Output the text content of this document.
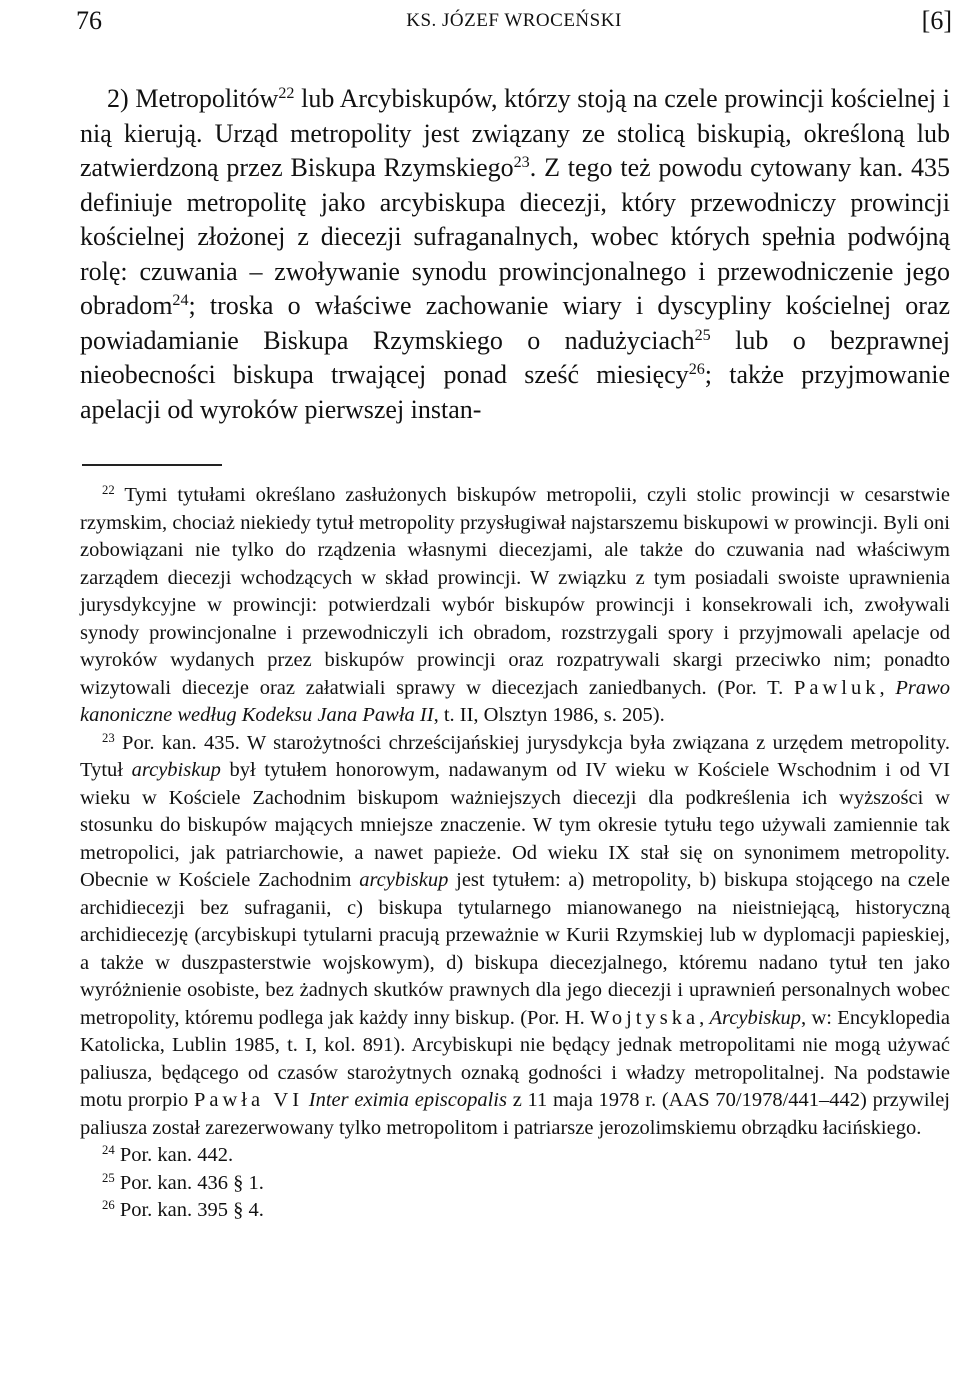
76	KS. JÓZEF WROCEŃSKI	[6]

2) Metropolitów$^{22}$ lub Arcybiskupów, którzy stoją na czele prowincji kościelnej i nią kierują. Urząd metropolity jest związany ze stolicą biskupią, określoną lub zatwierdzoną przez Biskupa Rzymskiego$^{23}$. Z tego też powodu cytowany kan. 435 definiuje metropolitę jako arcybiskupa diecezji, który przewodniczy prowincji kościelnej złożonej z diecezji sufraganalnych, wobec których spełnia podwójną rolę: czuwania – zwoływanie synodu prowincjonalnego i przewodniczenie jego obradom$^{24}$; troska o właściwe zachowanie wiary i dyscypliny kościelnej oraz powiadamianie Biskupa Rzymskiego o nadużyciach$^{25}$ lub o bezprawnej nieobecności biskupa trwającej ponad sześć miesięcy$^{26}$; także przyjmowanie apelacji od wyroków pierwszej instan-

$^{22}$ Tymi tytułami określano zasłużonych biskupów metropolii, czyli stolic prowincji w cesarstwie rzymskim, chociaż niekiedy tytuł metropolity przysługiwał najstarszemu biskupowi w prowincji. Byli oni zobowiązani nie tylko do rządzenia własnymi diecezjami, ale także do czuwania nad właściwym zarządem diecezji wchodzących w skład prowincji. W związku z tym posiadali swoiste uprawnienia jurysdykcyjne w prowincji: potwierdzali wybór biskupów prowincji i konsekrowali ich, zwoływali synody prowincjonalne i przewodniczyli ich obradom, rozstrzygali spory i przyjmowali apelacje od wyroków wydanych przez biskupów prowincji oraz rozpatrywali skargi przeciwko nim; ponadto wizytowali diecezje oraz załatwiali sprawy w diecezjach zaniedbanych. (Por. T. Pawluk, Prawo kanoniczne według Kodeksu Jana Pawła II, t. II, Olsztyn 1986, s. 205).

$^{23}$ Por. kan. 435. W starożytności chrześcijańskiej jurysdykcja była związana z urzędem metropolity. Tytuł arcybiskup był tytułem honorowym, nadawanym od IV wieku w Kościele Wschodnim i od VI wieku w Kościele Zachodnim biskupom ważniejszych diecezji dla podkreślenia ich wyższości w stosunku do biskupów mających mniejsze znaczenie. W tym okresie tytułu tego używali zamiennie tak metropolici, jak patriarchowie, a nawet papieże. Od wieku IX stał się on synonimem metropolity. Obecnie w Kościele Zachodnim arcybiskup jest tytułem: a) metropolity, b) biskupa stojącego na czele archidiecezji bez sufraganii, c) biskupa tytularnego mianowanego na nieistniejącą, historyczną archidiecezję (arcybiskupi tytularni pracują przeważnie w Kurii Rzymskiej lub w dyplomacji papieskiej, a także w duszpasterstwie wojskowym), d) biskupa diecezjalnego, któremu nadano tytuł ten jako wyróżnienie osobiste, bez żadnych skutków prawnych dla jego diecezji i uprawnień personalnych wobec metropolity, któremu podlega jak każdy inny biskup. (Por. H. Wojtyska, Arcybiskup, w: Encyklopedia Katolicka, Lublin 1985, t. I, kol. 891). Arcybiskupi nie będący jednak metropolitami nie mogą używać paliusza, będącego od czasów starożytnych oznaką godności i władzy metropolitalnej. Na podstawie motu prorpio Pawła VI Inter eximia episcopalis z 11 maja 1978 r. (AAS 70/1978/441–442) przywilej paliusza został zarezerwowany tylko metropolitom i patriarsze jerozolimskiemu obrządku łacińskiego.

$^{24}$ Por. kan. 442.

$^{25}$ Por. kan. 436 § 1.

$^{26}$ Por. kan. 395 § 4.
